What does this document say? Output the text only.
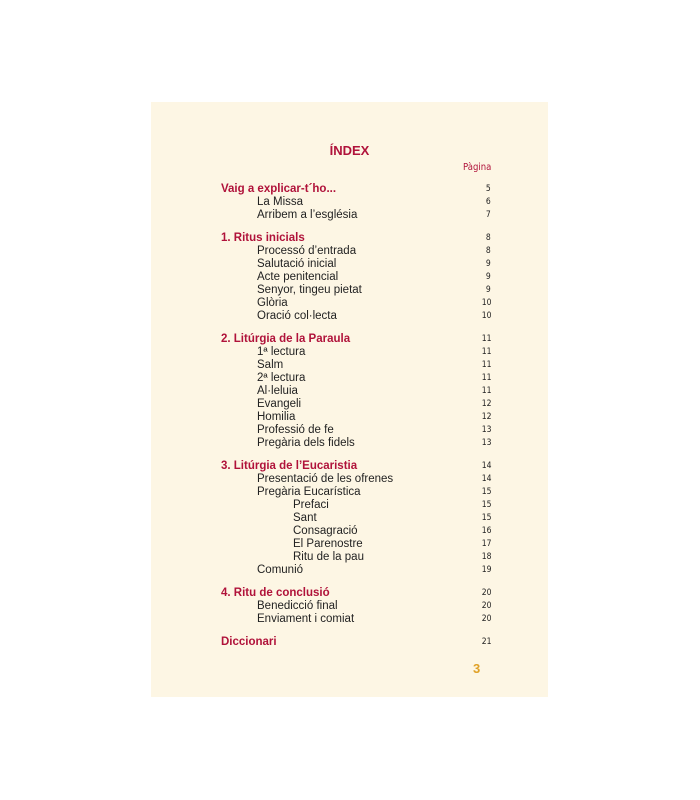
ÍNDEX
Pàgina
Vaig a explicar-t´ho...	5
La Missa	6
Arribem a l’església	7
1. Ritus inicials	8
Processó d’entrada	8
Salutació inicial	9
Acte penitencial	9
Senyor, tingeu pietat	9
Glòria	10
Oració col·lecta	10
2. Litúrgia de la Paraula	11
1ª lectura	11
Salm	11
2ª lectura	11
Al·leluia	11
Evangeli	12
Homilia	12
Professió de fe	13
Pregària dels fidels	13
3. Litúrgia de l’Eucaristia	14
Presentació de les ofrenes	14
Pregària Eucarística	15
Prefaci	15
Sant	15
Consagració	16
El Parenostre	17
Ritu de la pau	18
Comunió	19
4. Ritu de conclusió	20
Benedicció final	20
Enviament i comiat	20
Diccionari	21
3
